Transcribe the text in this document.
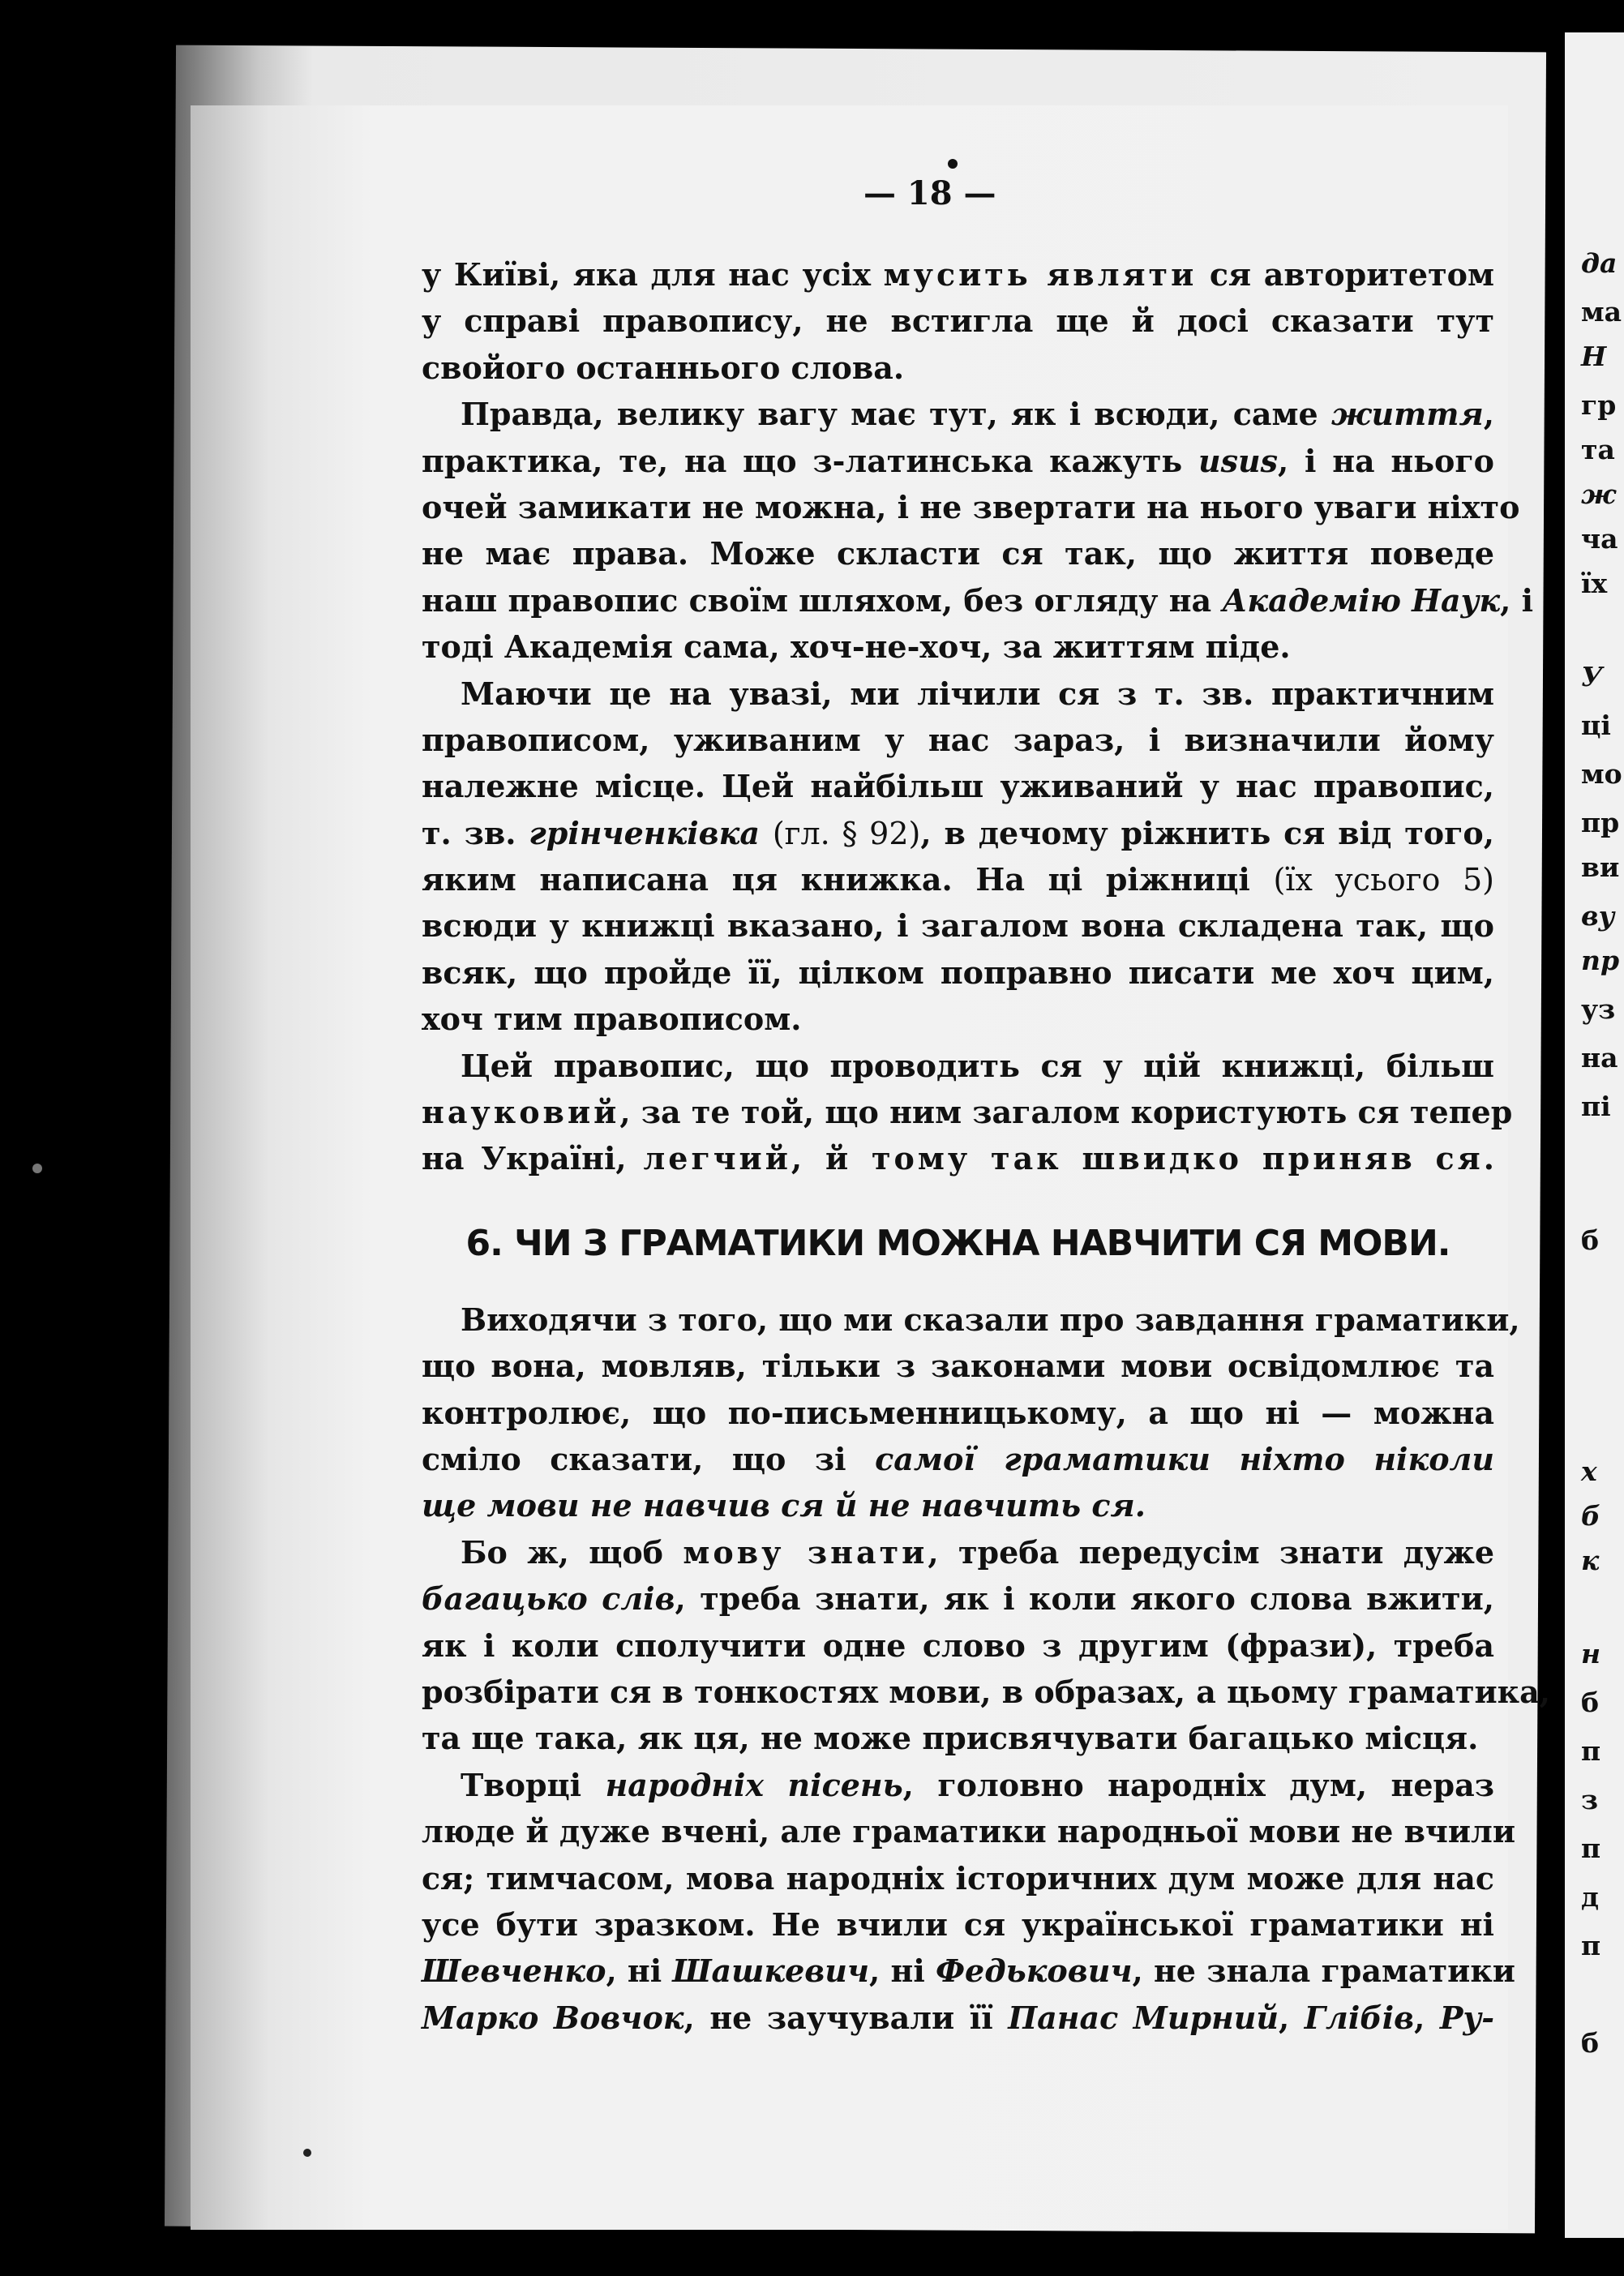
да
ма
Н
гр
та
ж
ча
їх
У
ці
мо
пр
ви
ву
пр
уз
на
пі
б
х
б
к
н
б
п
з
п
д
п
б
— 18 —
у Київі, яка для нас усіх мусить являти ся авторитетом
у справі правопису, не встигла ще й досі сказати тут
свойого останнього слова.
Правда, велику вагу має тут, як і всюди, саме життя,
практика, те, на що з-латинська кажуть usus, і на нього
очей замикати не можна, і не звертати на нього уваги ніхто
не має права. Може скласти ся так, що життя поведе
наш правопис своїм шляхом, без огляду на Академію Наук
тоді Академія сама, хоч-не-хоч, за життям піде.
Маючи це на увазі, ми лічили ся з т. зв. практичним
правописом, уживаним у нас зараз, і визначили йому
належне місце. Цей найбільш уживаний у нас правопис,
т. зв. грінченківка (гл. § 92), в дечому ріжнить ся від того,
яким написана ця книжка. На ці ріжниці (їх усього 5)
всюди у книжці вказано, і загалом вона складена так, що
всяк, що пройде її, цілком поправно писати ме хоч цим,
хоч тим правописом.
Цей правопис, що проводить ся у цій книжці, більш
науковий, за те той, що ним загалом користують ся тепер
на Україні, легчий, й тому так швидко приняв ся.
6. ЧИ З ГРАМАТИКИ МОЖНА НАВЧИТИ СЯ МОВИ.
Виходячи з того, що ми сказали про завдання граматики,
що вона, мовляв, тільки з законами мови освідомлює та
контролює, що по-письменницькому, а що ні — можна
сміло сказати, що зі самої граматики ніхто ніколи
ще мови не навчив ся й не навчить ся.
Бо ж, щоб мову знати, треба передусім знати дуже
багацько слів, треба знати, як і коли якого слова вжити,
як і коли сполучити одне слово з другим (фрази), треба
розбірати ся в тонкостях мови, в образах, а цьому граматика,
та ще така, як ця, не може присвячувати багацько місця.
Творці народніх пісень, головно народніх дум, нераз
люде й дуже вчені, але граматики народньої мови не вчили
ся; тимчасом, мова народніх історичних дум може для нас
усе бути зразком. Не вчили ся української граматики ні
Шевченко, ні Шашкевич, ні Федькович, не знала граматики
Марко Вовчок, не заучували її Панас Мирний, Глібів, Ру-
